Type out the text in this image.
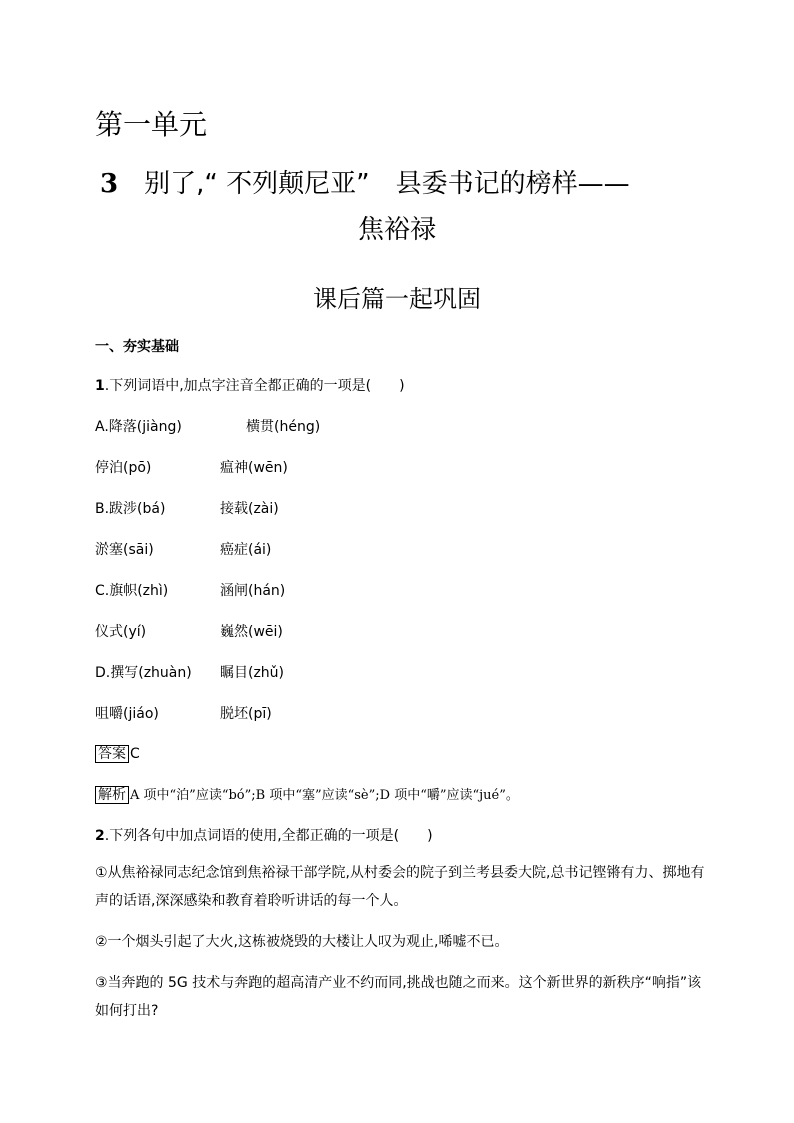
第一单元
3 别了,“ 不列颠尼亚”　县委书记的榜样——
焦裕禄
课后篇一起巩固
一、夯实基础
1.下列词语中,加点字注音全都正确的一项是(　　)
A.降落(jiàng)	横贯(héng)
停泊(pō)	瘟神(wēn)
B.跋涉(bá)	接载(zài)
淤塞(sāi)	癌症(ái)
C.旗帜(zhì)	涵闸(hán)
仪式(yí)	巍然(wēi)
D.撰写(zhuàn) 瞩目(zhǔ)
咀嚼(jiáo)	脱坯(pī)
答案 C
解析 A 项中“泊”应读“bó”;B 项中“塞”应读“sè”;D 项中“嚼”应读“jué”。
2.下列各句中加点词语的使用,全都正确的一项是(　　)
①从焦裕禄同志纪念馆到焦裕禄干部学院,从村委会的院子到兰考县委大院,总书记铿锵有力、掷地有声的话语,深深感染和教育着聆听讲话的每一个人。
②一个烟头引起了大火,这栋被烧毁的大楼让人叹为观止,唏嘘不已。
③当奔跑的 5G 技术与奔跑的超高清产业不约而同,挑战也随之而来。这个新世界的新秩序“响指”该如何打出?
